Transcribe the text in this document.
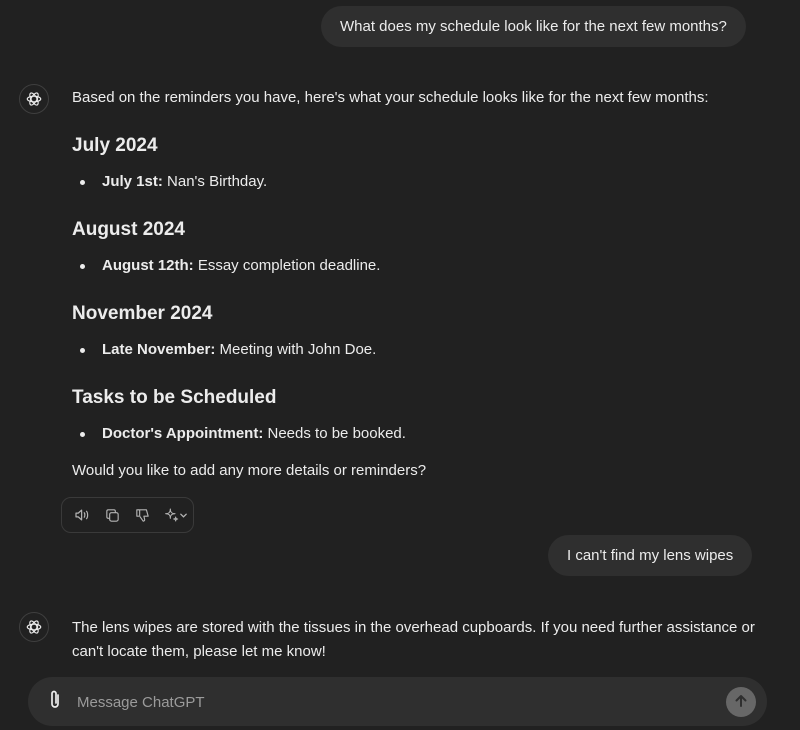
What does my schedule look like for the next few months?
Based on the reminders you have, here's what your schedule looks like for the next few months:
July 2024
July 1st: Nan's Birthday.
August 2024
August 12th: Essay completion deadline.
November 2024
Late November: Meeting with John Doe.
Tasks to be Scheduled
Doctor's Appointment: Needs to be booked.
Would you like to add any more details or reminders?
I can't find my lens wipes
The lens wipes are stored with the tissues in the overhead cupboards. If you need further assistance or can't locate them, please let me know!
Message ChatGPT
